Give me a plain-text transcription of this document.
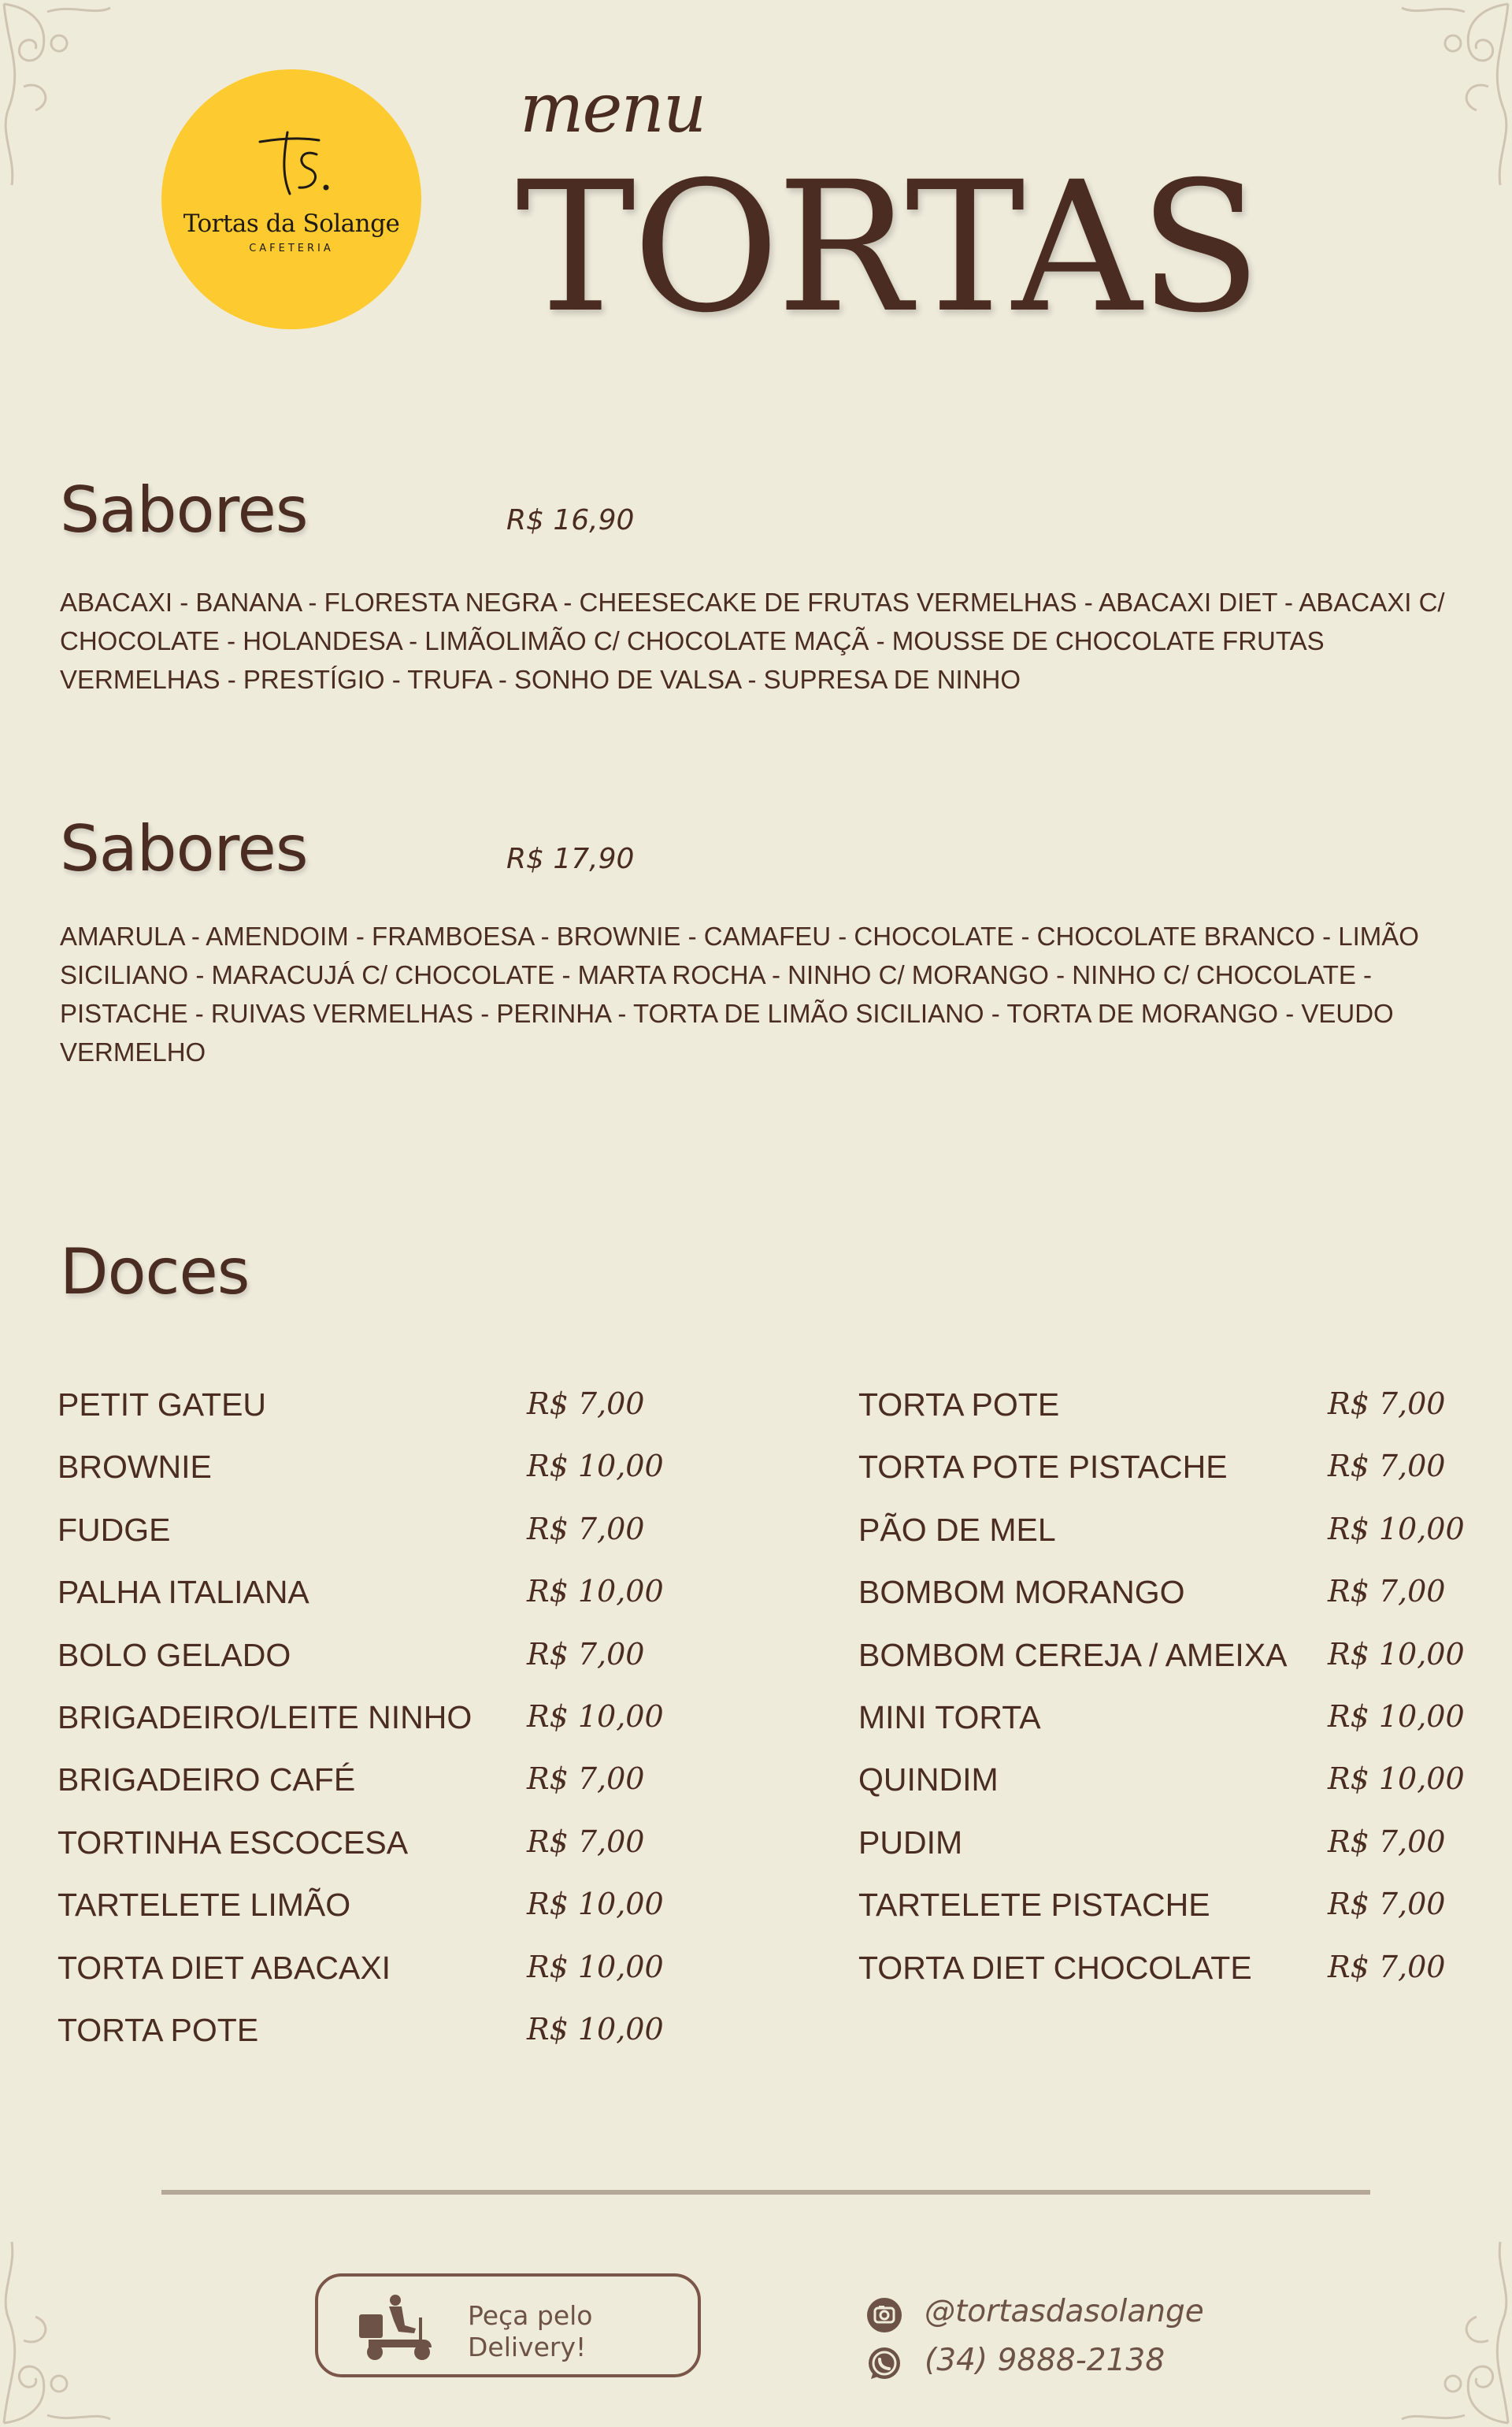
Tortas da Solange
CAFETERIA
menu
TORTAS
Sabores	R$ 16,90
ABACAXI - BANANA - FLORESTA NEGRA - CHEESECAKE DE FRUTAS VERMELHAS - ABACAXI DIET - ABACAXI C/ CHOCOLATE - HOLANDESA - LIMÃOLIMÃO C/ CHOCOLATE MAÇÃ - MOUSSE DE CHOCOLATE FRUTAS VERMELHAS - PRESTÍGIO - TRUFA - SONHO DE VALSA - SUPRESA DE NINHO
Sabores	R$ 17,90
AMARULA - AMENDOIM - FRAMBOESA - BROWNIE - CAMAFEU - CHOCOLATE - CHOCOLATE BRANCO - LIMÃO SICILIANO - MARACUJÁ C/ CHOCOLATE - MARTA ROCHA - NINHO C/ MORANGO - NINHO C/ CHOCOLATE - PISTACHE - RUIVAS VERMELHAS - PERINHA - TORTA DE LIMÃO SICILIANO - TORTA DE MORANGO - VEUDO VERMELHO
Doces
PETIT GATEU	R$ 7,00
BROWNIE	R$ 10,00
FUDGE	R$ 7,00
PALHA ITALIANA	R$ 10,00
BOLO GELADO	R$ 7,00
BRIGADEIRO/LEITE NINHO R$ 10,00
BRIGADEIRO CAFÉ	R$ 7,00
TORTINHA ESCOCESA	R$ 7,00
TARTELETE LIMÃO	R$ 10,00
TORTA DIET ABACAXI	R$ 10,00
TORTA POTE	R$ 10,00
TORTA POTE	R$ 7,00
TORTA POTE PISTACHE	R$ 7,00
PÃO DE MEL	R$ 10,00
BOMBOM MORANGO	R$ 7,00
BOMBOM CEREJA / AMEIXA R$ 10,00
MINI TORTA	R$ 10,00
QUINDIM	R$ 10,00
PUDIM	R$ 7,00
TARTELETE PISTACHE	R$ 7,00
TORTA DIET CHOCOLATE	R$ 7,00
Peça pelo
Delivery!
@tortasdasolange
(34) 9888-2138
